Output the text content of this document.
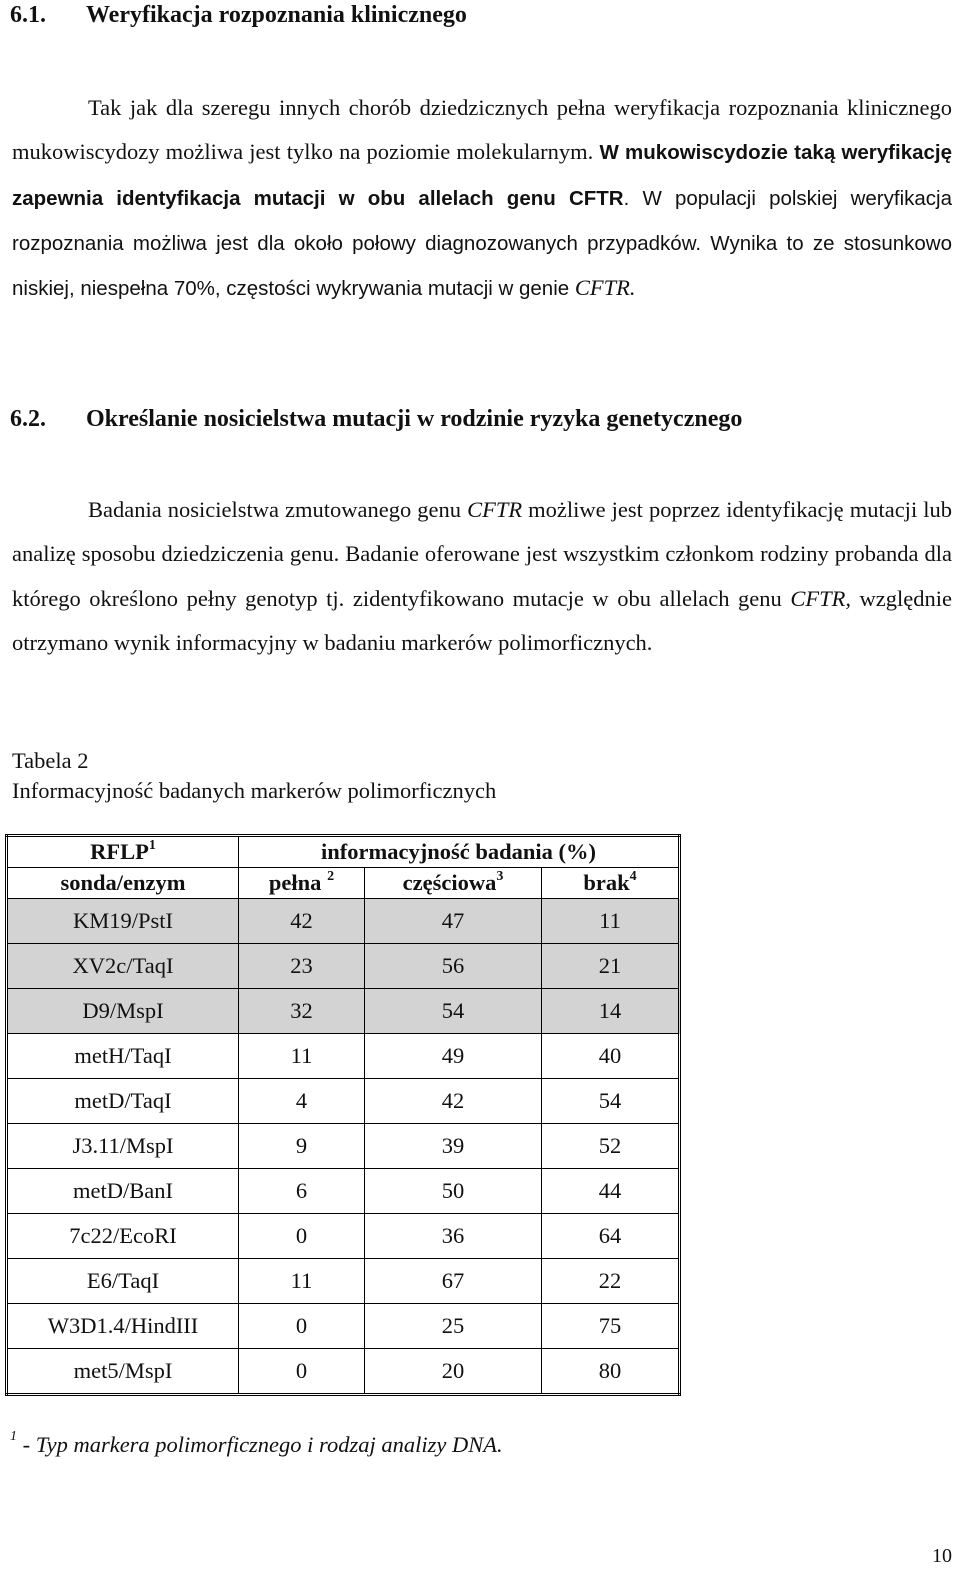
6.1. Weryfikacja rozpoznania klinicznego

Tak jak dla szeregu innych chorób dziedzicznych pełna weryfikacja rozpoznania klinicznego mukowiscydozy możliwa jest tylko na poziomie molekularnym. W mukowiscydozie taką weryfikację zapewnia identyfikacja mutacji w obu allelach genu CFTR. W populacji polskiej weryfikacja rozpoznania możliwa jest dla około połowy diagnozowanych przypadków. Wynika to ze stosunkowo niskiej, niespełna 70%, częstości wykrywania mutacji w genie CFTR.

6.2. Określanie nosicielstwa mutacji w rodzinie ryzyka genetycznego

Badania nosicielstwa zmutowanego genu CFTR możliwe jest poprzez identyfikację mutacji lub analizę sposobu dziedziczenia genu. Badanie oferowane jest wszystkim członkom rodziny probanda dla którego określono pełny genotyp tj. zidentyfikowano mutacje w obu allelach genu CFTR, względnie otrzymano wynik informacyjny w badaniu markerów polimorficznych.

Tabela 2
Informacyjność badanych markerów polimorficznych
RFLP$^1$	informacyjność badania (%)		
sonda/enzym	pełna $^2$	częściowa$^3$	brak$^4$
KM19/PstI	42	47	11
XV2c/TaqI	23	56	21
D9/MspI	32	54	14
metH/TaqI	11	49	40
metD/TaqI	4	42	54
J3.11/MspI	9	39	52
metD/BanI	6	50	44
7c22/EcoRI	0	36	64
E6/TaqI	11	67	22
W3D1.4/HindIII	0	25	75
met5/MspI	0	20	80
$^1$ - Typ markera polimorficznego i rodzaj analizy DNA.
10
